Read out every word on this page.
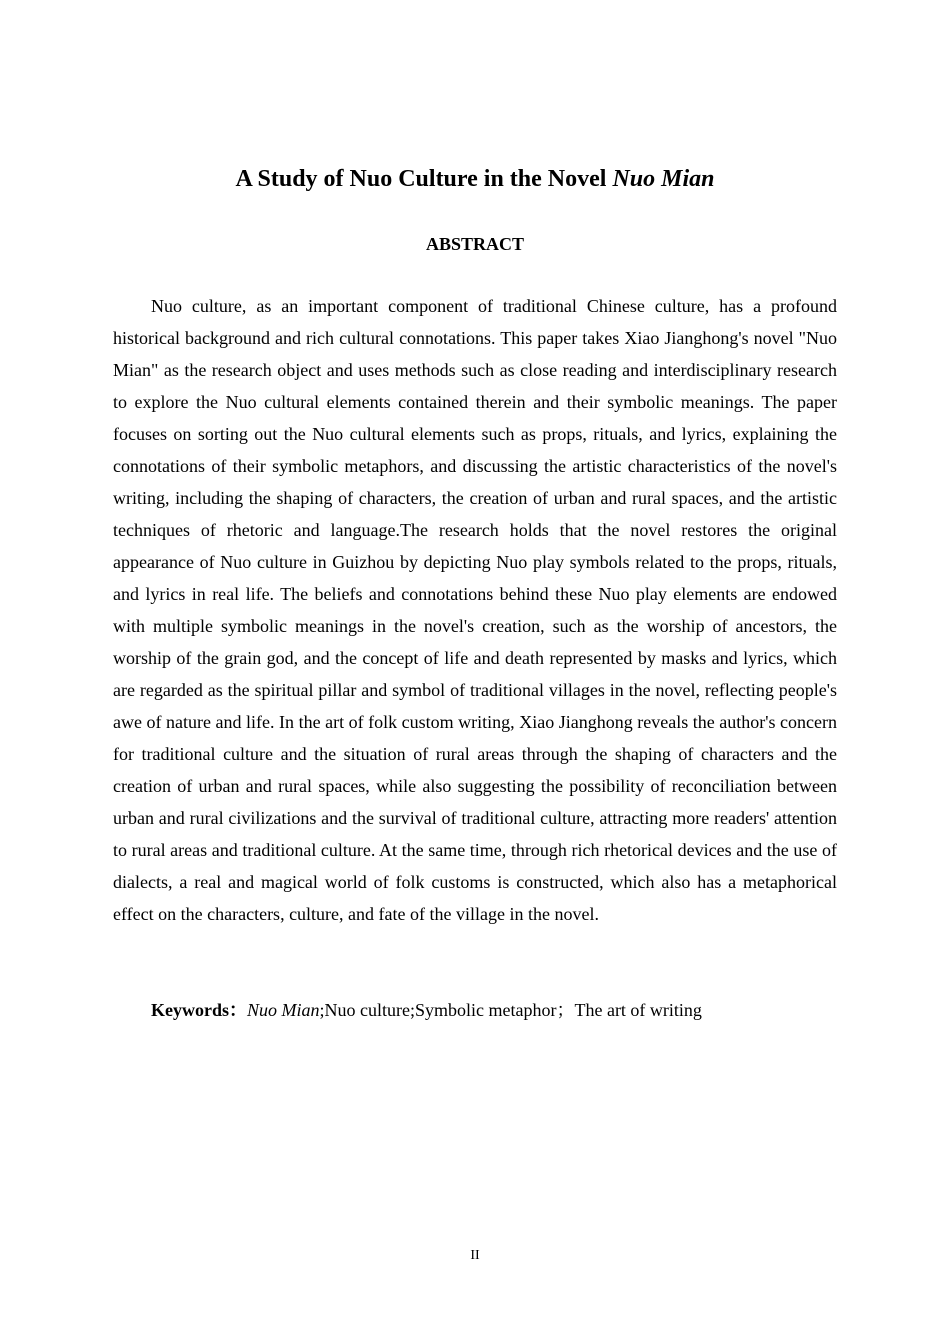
A Study of Nuo Culture in the Novel Nuo Mian
ABSTRACT

Nuo culture, as an important component of traditional Chinese culture, has a profound historical background and rich cultural connotations. This paper takes Xiao Jianghong's novel "Nuo Mian" as the research object and uses methods such as close reading and interdisciplinary research to explore the Nuo cultural elements contained therein and their symbolic meanings. The paper focuses on sorting out the Nuo cultural elements such as props, rituals, and lyrics, explaining the connotations of their symbolic metaphors, and discussing the artistic characteristics of the novel's writing, including the shaping of characters, the creation of urban and rural spaces, and the artistic techniques of rhetoric and language.The research holds that the novel restores the original appearance of Nuo culture in Guizhou by depicting Nuo play symbols related to the props, rituals, and lyrics in real life. The beliefs and connotations behind these Nuo play elements are endowed with multiple symbolic meanings in the novel's creation, such as the worship of ancestors, the worship of the grain god, and the concept of life and death represented by masks and lyrics, which are regarded as the spiritual pillar and symbol of traditional villages in the novel, reflecting people's awe of nature and life. In the art of folk custom writing, Xiao Jianghong reveals the author's concern for traditional culture and the situation of rural areas through the shaping of characters and the creation of urban and rural spaces, while also suggesting the possibility of reconciliation between urban and rural civilizations and the survival of traditional culture, attracting more readers' attention to rural areas and traditional culture. At the same time, through rich rhetorical devices and the use of dialects, a real and magical world of folk customs is constructed, which also has a metaphorical effect on the characters, culture, and fate of the village in the novel.

Keywords：Nuo Mian;Nuo culture;Symbolic metaphor；The art of writing

II
